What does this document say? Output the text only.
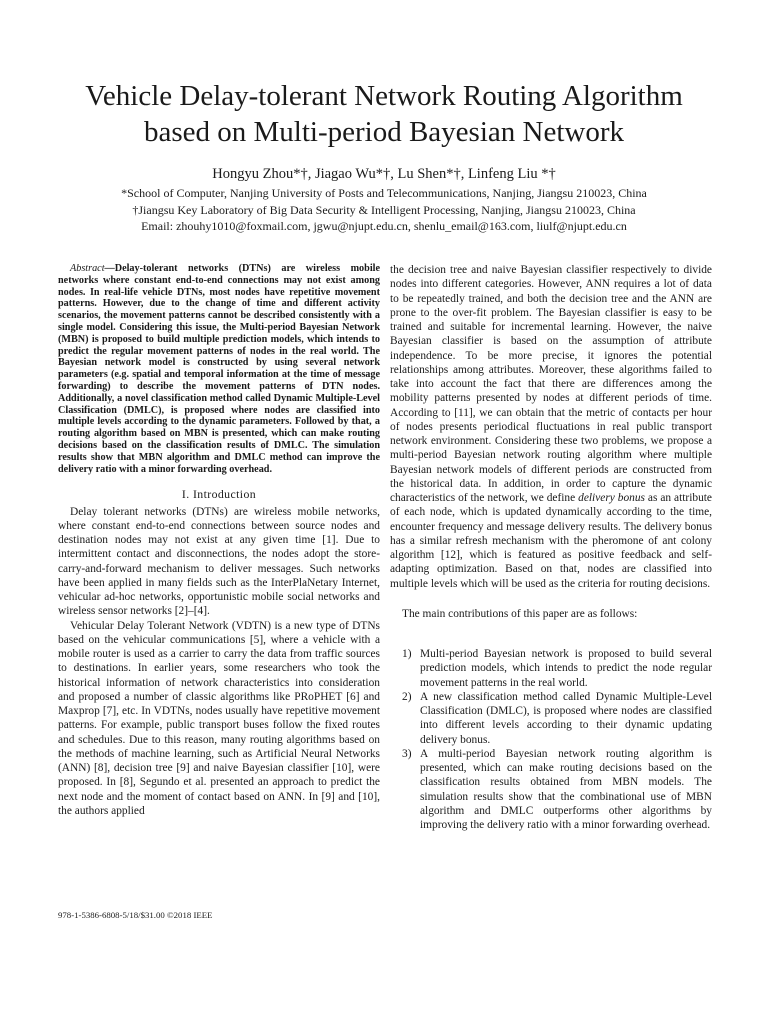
Vehicle Delay-tolerant Network Routing Algorithm
based on Multi-period Bayesian Network
Hongyu Zhou*†, Jiagao Wu*†, Lu Shen*†, Linfeng Liu *†
*School of Computer, Nanjing University of Posts and Telecommunications, Nanjing, Jiangsu 210023, China
†Jiangsu Key Laboratory of Big Data Security & Intelligent Processing, Nanjing, Jiangsu 210023, China
Email: zhouhy1010@foxmail.com, jgwu@njupt.edu.cn, shenlu_email@163.com, liulf@njupt.edu.cn

Abstract—Delay-tolerant networks (DTNs) are wireless mobile networks where constant end-to-end connections may not exist among nodes. In real-life vehicle DTNs, most nodes have repetitive movement patterns. However, due to the change of time and different activity scenarios, the movement patterns cannot be described consistently with a single model. Considering this issue, the Multi-period Bayesian Network (MBN) is proposed to build multiple prediction models, which intends to predict the regular movement patterns of nodes in the real world. The Bayesian network model is constructed by using several network parameters (e.g. spatial and temporal information at the time of message forwarding) to describe the movement patterns of DTN nodes. Additionally, a novel classification method called Dynamic Multiple-Level Classification (DMLC), is proposed where nodes are classified into multiple levels according to the dynamic parameters. Followed by that, a routing algorithm based on MBN is presented, which can make routing decisions based on the classification results of DMLC. The simulation results show that MBN algorithm and DMLC method can improve the delivery ratio with a minor forwarding overhead.

I. Introduction

Delay tolerant networks (DTNs) are wireless mobile networks, where constant end-to-end connections between source nodes and destination nodes may not exist at any given time [1]. Due to intermittent contact and disconnections, the nodes adopt the store-carry-and-forward mechanism to deliver messages. Such networks have been applied in many fields such as the InterPlaNetary Internet, vehicular ad-hoc networks, opportunistic mobile social networks and wireless sensor networks [2]–[4].

Vehicular Delay Tolerant Network (VDTN) is a new type of DTNs based on the vehicular communications [5], where a vehicle with a mobile router is used as a carrier to carry the data from traffic sources to destinations. In earlier years, some researchers who took the historical information of network characteristics into consideration and proposed a number of classic algorithms like PRoPHET [6] and Maxprop [7], etc. In VDTNs, nodes usually have repetitive movement patterns. For example, public transport buses follow the fixed routes and schedules. Due to this reason, many routing algorithms based on the methods of machine learning, such as Artificial Neural Networks (ANN) [8], decision tree [9] and naive Bayesian classifier [10], were proposed. In [8], Segundo et al. presented an approach to predict the next node and the moment of contact based on ANN. In [9] and [10], the authors applied

978-1-5386-6808-5/18/$31.00 ©2018 IEEE

the decision tree and naive Bayesian classifier respectively to divide nodes into different categories. However, ANN requires a lot of data to be repeatedly trained, and both the decision tree and the ANN are prone to the over-fit problem. The Bayesian classifier is easy to be trained and suitable for incremental learning. However, the naive Bayesian classifier is based on the assumption of attribute independence. To be more precise, it ignores the potential relationships among attributes. Moreover, these algorithms failed to take into account the fact that there are differences among the mobility patterns presented by nodes at different periods of time. According to [11], we can obtain that the metric of contacts per hour of nodes presents periodical fluctuations in real public transport network environment. Considering these two problems, we propose a multi-period Bayesian network routing algorithm where multiple Bayesian network models of different periods are constructed from the historical data. In addition, in order to capture the dynamic characteristics of the network, we define delivery bonus as an attribute of each node, which is updated dynamically according to the time, encounter frequency and message delivery results. The delivery bonus has a similar refresh mechanism with the pheromone of ant colony algorithm [12], which is featured as positive feedback and self-adapting optimization. Based on that, nodes are classified into multiple levels which will be used as the criteria for routing decisions.

The main contributions of this paper are as follows:

1) Multi-period Bayesian network is proposed to build several prediction models, which intends to predict the node regular movement patterns in the real world.
2) A new classification method called Dynamic Multiple-Level Classification (DMLC), is proposed where nodes are classified into different levels according to their dynamic updating delivery bonus.
3) A multi-period Bayesian network routing algorithm is presented, which can make routing decisions based on the classification results obtained from MBN models. The simulation results show that the combinational use of MBN algorithm and DMLC outperforms other algorithms by improving the delivery ratio with a minor forwarding overhead.
